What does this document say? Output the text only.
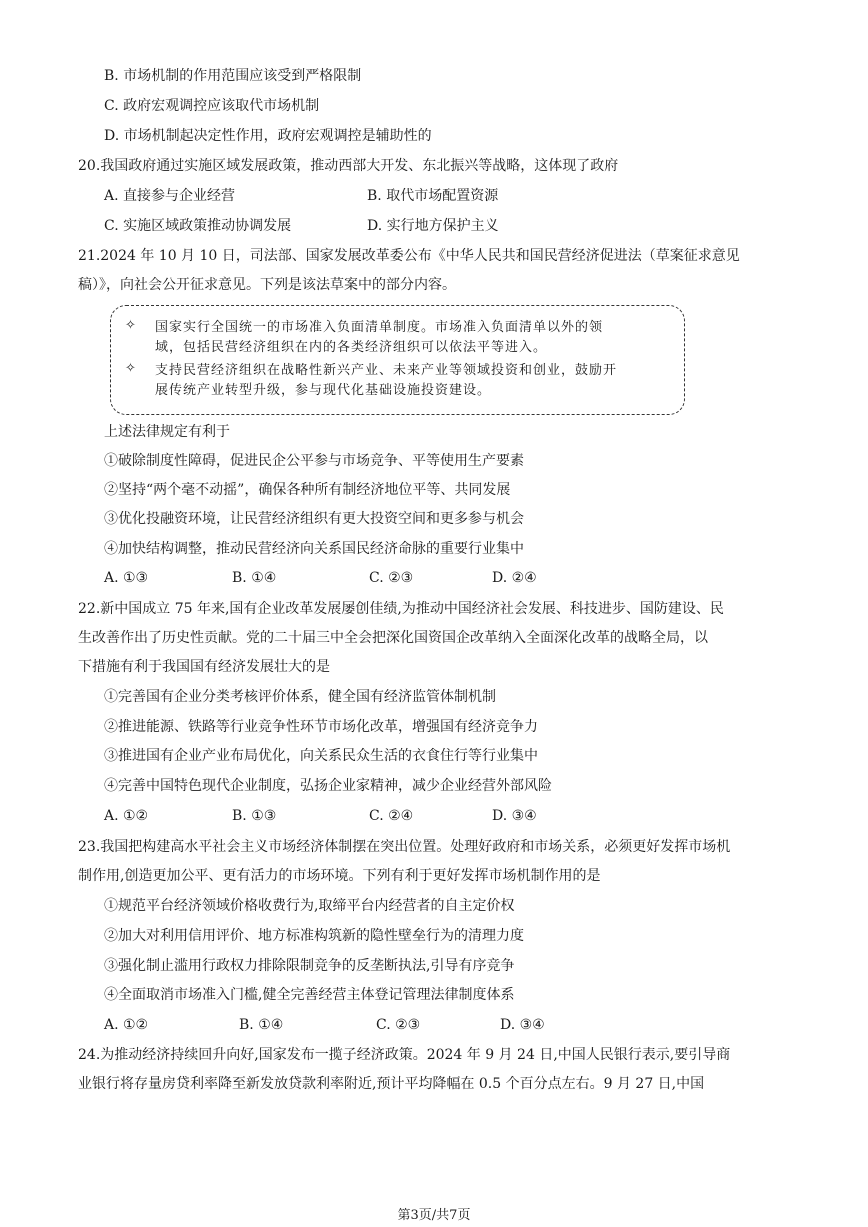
B. 市场机制的作用范围应该受到严格限制
C. 政府宏观调控应该取代市场机制
D. 市场机制起决定性作用，政府宏观调控是辅助性的
20.我国政府通过实施区域发展政策，推动西部大开发、东北振兴等战略，这体现了政府
A. 直接参与企业经营	B. 取代市场配置资源
C. 实施区域政策推动协调发展	D. 实行地方保护主义
21.2024 年 10 月 10 日，司法部、国家发展改革委公布《中华人民共和国民营经济促进法（草案征求意见
稿）》，向社会公开征求意见。下列是该法草案中的部分内容。
✧ 国家实行全国统一的市场准入负面清单制度。市场准入负面清单以外的领
域，包括民营经济组织在内的各类经济组织可以依法平等进入。
✧ 支持民营经济组织在战略性新兴产业、未来产业等领域投资和创业，鼓励开
展传统产业转型升级，参与现代化基础设施投资建设。
上述法律规定有利于
①破除制度性障碍，促进民企公平参与市场竞争、平等使用生产要素
②坚持“两个毫不动摇”，确保各种所有制经济地位平等、共同发展
③优化投融资环境，让民营经济组织有更大投资空间和更多参与机会
④加快结构调整，推动民营经济向关系国民经济命脉的重要行业集中
A. ①③	B. ①④	C. ②③	D. ②④
22.新中国成立 75 年来,国有企业改革发展屡创佳绩,为推动中国经济社会发展、科技进步、国防建设、民
生改善作出了历史性贡献。党的二十届三中全会把深化国资国企改革纳入全面深化改革的战略全局，以
下措施有利于我国国有经济发展壮大的是
①完善国有企业分类考核评价体系，健全国有经济监管体制机制
②推进能源、铁路等行业竞争性环节市场化改革，增强国有经济竞争力
③推进国有企业产业布局优化，向关系民众生活的衣食住行等行业集中
④完善中国特色现代企业制度，弘扬企业家精神，减少企业经营外部风险
A. ①②	B. ①③	C. ②④	D. ③④
23.我国把构建高水平社会主义市场经济体制摆在突出位置。处理好政府和市场关系，必须更好发挥市场机
制作用,创造更加公平、更有活力的市场环境。下列有利于更好发挥市场机制作用的是
①规范平台经济领域价格收费行为,取缔平台内经营者的自主定价权
②加大对利用信用评价、地方标准构筑新的隐性壁垒行为的清理力度
③强化制止滥用行政权力排除限制竞争的反垄断执法,引导有序竞争
④全面取消市场准入门槛,健全完善经营主体登记管理法律制度体系
A. ①②	B. ①④	C. ②③	D. ③④
24.为推动经济持续回升向好,国家发布一揽子经济政策。2024 年 9 月 24 日,中国人民银行表示,要引导商
业银行将存量房贷利率降至新发放贷款利率附近,预计平均降幅在 0.5 个百分点左右。9 月 27 日,中国
第3页/共7页
